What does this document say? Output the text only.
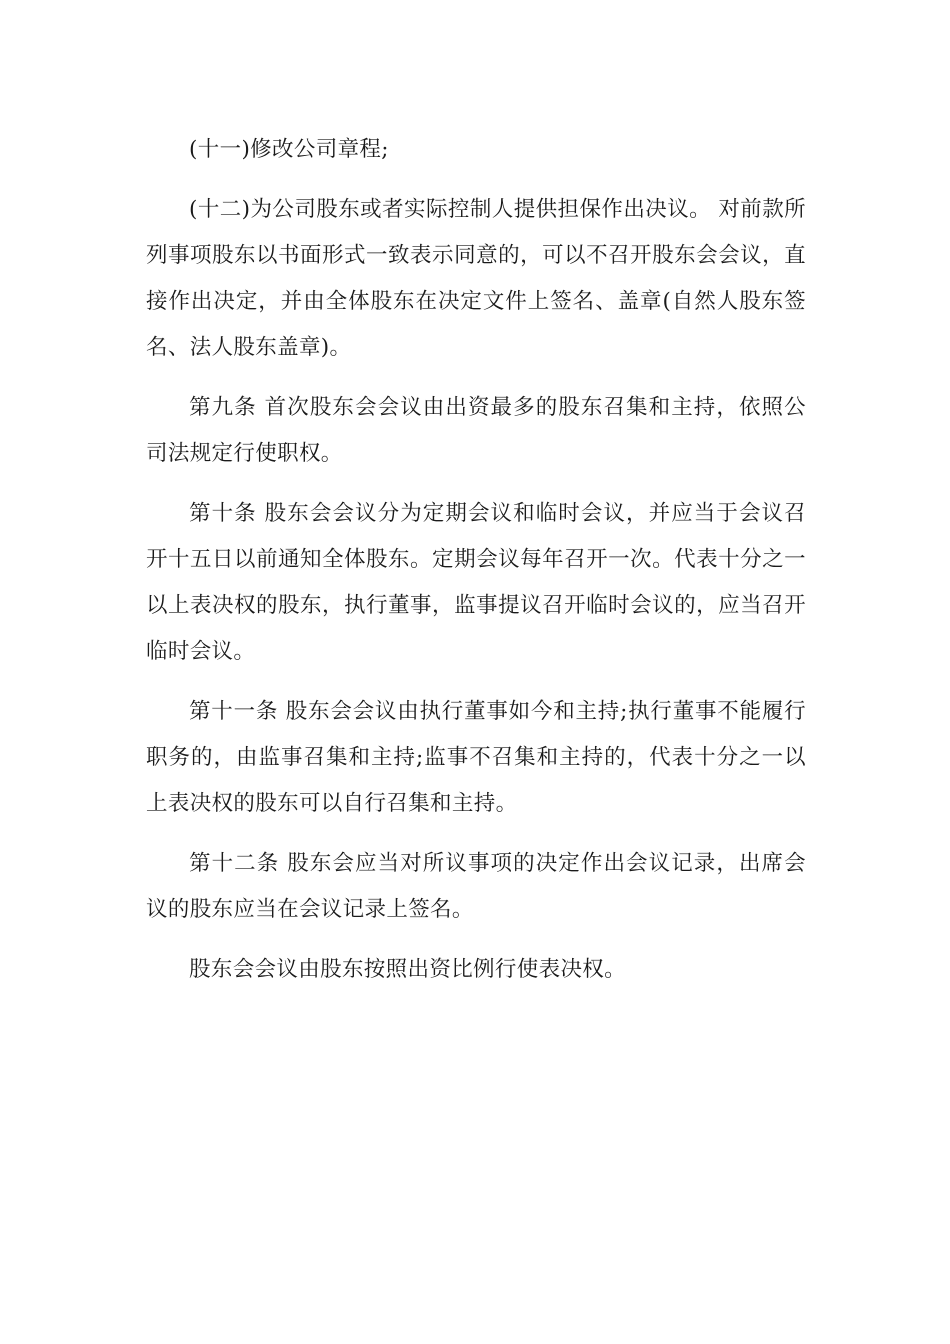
(十一)修改公司章程;

(十二)为公司股东或者实际控制人提供担保作出决议。 对前款所列事项股东以书面形式一致表示同意的，可以不召开股东会会议，直接作出决定，并由全体股东在决定文件上签名、盖章(自然人股东签名、法人股东盖章)。

第九条 首次股东会会议由出资最多的股东召集和主持，依照公司法规定行使职权。

第十条 股东会会议分为定期会议和临时会议，并应当于会议召开十五日以前通知全体股东。定期会议每年召开一次。代表十分之一以上表决权的股东，执行董事，监事提议召开临时会议的，应当召开临时会议。

第十一条 股东会会议由执行董事如今和主持;执行董事不能履行职务的，由监事召集和主持;监事不召集和主持的，代表十分之一以上表决权的股东可以自行召集和主持。

第十二条 股东会应当对所议事项的决定作出会议记录，出席会议的股东应当在会议记录上签名。

股东会会议由股东按照出资比例行使表决权。
